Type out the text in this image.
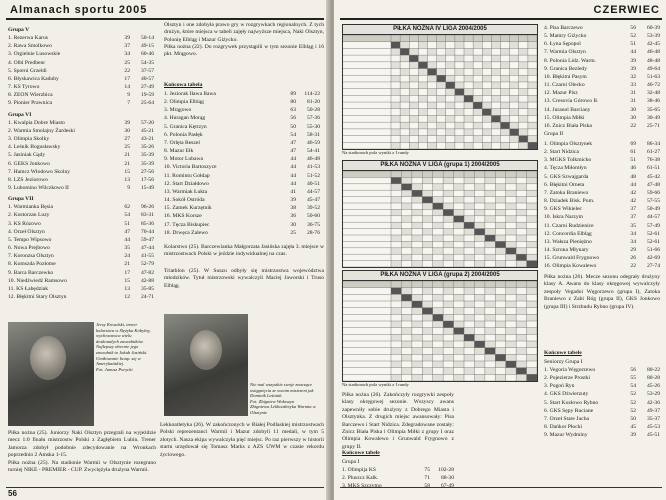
Almanach sportu 2005
Grupa V
1. Rezerwa Karus	39	50-14
2. Rawa Smolkowo	37	49-15
3. Orgielnie Lusowskie	34	60-46
4. Olbl Predbenr	25	54-35
5. Sporni Grzeldi	22	37-57
6. Błyskawica Kaduby	17	40-57
7. KS Tyrowo	14	27-49
8. ZEON Wierzbica	9	19-59
9. Pionier Prawnica	7	25-64
Grupa VI
1. Kwalpia Dobre Miasto	39	57-20
2. Warmia Smolajny Żardeski	30	45-21
3. Olimpia Skolky	27	43-21
4. Leśnik Bogusławsky	25	35-26
5. Jasiniak Gądy	21	35-39
6. GEKS Jonkowo	21	35-39
7. Hamcz Włodowo Skolny	15	27-56
8. LZS Jeziorowo	13	17-56
9. Lubomino Wilczkowo II	9	15-49
Grupa VII
1. Warmianka Bęsia	62	96-26
2. Kostorzan Luzy	54	83-31
3. KS Rózowo	51	85-36
4. Orzeł Olsztyn	47	70-44
5. Tempo Wipsowo	44	59-47
6. Nowa Prejbowo	35	47-44
7. Koronzsa Olsztyn	24	41-55
8. Komszda Pozłotne	21	52-79
9. Barca Barczewko	17	47-82
10. Niedźwiedź Ramsowo	15	42-88
11. KS Łabędziak	13	35-85
12. Błękitni Stary Olsztyn	12	24-71
Olsztyn i one zdobyła prawo gry w rozgrywkach regionalnych. Z tych drużyn, które miejsca w tabeli zajęły najwyższe miejsca, Naki Olsztyn, Polonię Elbląg i Mazur Giżycko.
Piłka nożna (22). Do rozgrywek przystąpili w tym sezonie Elbląg i 16 pkt. Mrągowo.
Końcowa tabela
1. Jeziorak Iława Iława	89	114-22
2. Olimpia Elbląg	80	81-20
3. Mrągowo	63	50-28
4. Huragan Morąg	56	57-36
5. Granica Kętrzyn	50	55-30
6. Polonia Pasłęk	54	58-31
7. Orlęta Reszel	47	46-59
8. Mazur Ełk	47	54-41
9. Motor Lubawa	44	46-48
10. Victoria Bartoszyce	44	41-53
11. Romintu Gołdap	44	51-52
12. Start Działdowo	44	40-51
13. Warmiak Łukta	41	44-57
14. Sokół Ostróda	39	45-47
15. Zamek Kurzętnik	38	39-52
16. MKS Korsze	36	50-60
17. Tęcza Biskupiec	30	36-75
18. Drwęca Zalewo	25	28-76
Kolarstwo (25). Barczewianka Małgorzata Jasińska zajęła 3. miejsce w mistrzostwach Polski w jeździe indywidualnej na czas.
Triathlon (25). W Suszu odbyły się mistrzostwa województwa młodzików. Tytuł mistrzowski wywalczyli Maciej Jaworski i Truso Elbląg.
Jerzy Kowalski, trener kolarstwa w Ślężyku Kobylny, wychowawca wielu doskonałych zawodników. Najlepszy obecnie jego zawodnik to Jakub Jasiński. Umiłowanie licząc się w Amerykańskiej.
Fot. Janusz Porycki
Piłka nożna (25). Juniorzy Naki Olsztyn przegrali na wyjeździe mecz 1:0 finału mistrzostw Polski z Zagłębiem Lubin. Trener Jamorza zdobył podobnie zdecydowanie na Wronkach poprzednio 2 Amska 1-15.
Piłka nożna (25). Na stadionie Warmii w Olsztynie rozegrano turniej NIKE - PREMIER - CUP. Zwyciężyła drużyna Warmii.
Nie mal wszystkie swoje znaczące osiągnięcia ze swoim mistrzem jak Dominik Leśniak.
Fot. Zbigniew Wołoszyn
Zbigniewa Lekkoatletyka Warmia w Olsztynie
Lekkoatletyka (26). W zakończonych w Białej Podlaskiej mistrzostwach Polski reprezentanci Warmii i Mazur zdobyli 11 medali, w tym 5 złotych. Nasza ekipa wywalczyła pięć miejsc. Po raz pierwszy w historii startu urzędował się Tomasz Marks z AZS UWM w czasie rekordu życiowego.
56
CZERWIEC
PIŁKA NOŻNA IV LIGA 2004/2005
Na stadionach pola wyniki z I rundy
PIŁKA NOŻNA V LIGA (grupa 1) 2004/2005
PIŁKA NOŻNA V LIGA (grupa 2) 2004/2005
Na stadionach pola wyniki z I rundy
4. Pisa Barczewo	56	60-39
5. Mamry Giżycko	52	53-39
6. Łyna Sępopol	51	42-45
7. Warmia Olsztyn	44	46-48
8. Polonia Lidz. Warm.	39	48-48
9. Granica Bezledy	39	49-64
10. Błękitni Pasym	32	51-63
11. Czarni Olecko	33	46-72
12. Mazur Pisz	31	32-48
13. Cresovia Górowo Ił.	31	38-46
14. Juranol Barciany	30	35-65
15. Olimpia Miłki	30	30-49
16. Znicz Biała Piska	22	25-71
Grupa II
1. Olimpia Olsztynek	69	86-34
2. Start Nidzica	61	61-27
3. MGKS Tolkmicko	51	76-38
4. Tęcza Miłomłyn	46	61-51
5. GKS Szwajgarda	48	45-42
6. Błękitni Orneta	44	47-48
7. Zatoka Braniewo	42	59-66
8. Dziadek Bisk. Pom.	42	57-55
9. GKS Wikielec	37	50-49
10. Iskra Narzym	37	44-57
11. Czarni Rudzienice	35	57-49
12. Concordia Elbląg	34	52-61
13. Wałsza Pieniężno	34	52-61
14. Szrona Młynary	29	51-66
15. Grunwald Frygnowo	26	42-69
16. Olimpia Kowalewo	22	27-74
Piłka nożna (26). Mecze sezonu odegrały drużyny klasy A. Awans do klasy okręgowej wywalczyły zespoły Vegadoi Węgorzewo (grupa I), Zatoka Braniewo z Zabi Róg (grupa II), GKS Jonkowo (grupa III) i Strzbudu Rybno (grupa IV).
Piłka nożna (26). Zakończyły rozgrywki zespoły klasy okręgowej sezonie. Wszyscy awans zapewniły sobie drużyny z Dobrego Miasta i Olsztynka. Z drugich miejsc awansowały: Pisa Barczewo i Start Nidzica. Zdegradowane zostały: Znicz Biała Piska i Olimpia Miłki z grupy I oraz Olimpia Kowalewo i Grunwald Frygnowo z grupy II.
Końcowe tabele
Grupa I
1. Olimpija KS	75	102-28
2. Pluszcz Kalk.	71	88-30
Końcowe tabele
Seniorzy Grupa I
1. Vegoria Węgorzewo	56	80-22
2. Pojezierze Prostki	55	80-28
3. Pogoń Ryn	54	45-26
4. GKS Dźwierzuty	52	53-29
5. Start Kozłowo Rybno	52	42-36
6. GKS Sępy Ruciane	52	49-37
7. Orzeł Stare Jucha	50	35-37
8. Dańkor Płocki	45	45-53
9. Mazur Wydminy	39	45-51
